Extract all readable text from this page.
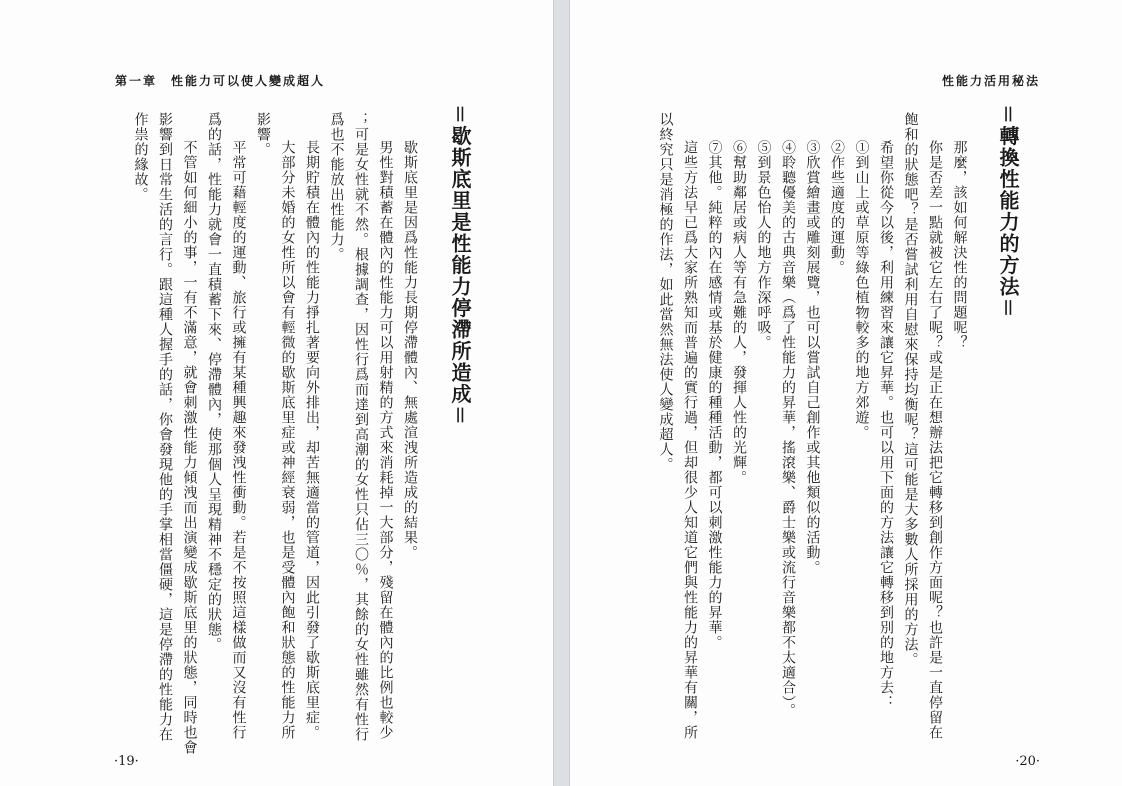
第一章　性能力可以使人變成超人
＝歇斯底里是性能力停滯所造成＝
歇斯底里是因爲性能力長期停滯體內、無處渲洩所造成的結果。
男性對積蓄在體內的性能力可以用射精的方式來消耗掉一大部分，殘留在體內的比例也較少
；可是女性就不然。根據調查，因性行爲而達到高潮的女性只佔三〇％，其餘的女性雖然有性行
爲也不能放出性能力。
長期貯積在體內的性能力掙扎著要向外排出，却苦無適當的管道，因此引發了歇斯底里症。
大部分未婚的女性所以會有輕微的歇斯底里症或神經衰弱，也是受體內飽和狀態的性能力所
影響。
平常可藉輕度的運動、旅行或擁有某種興趣來發洩性衝動。若是不按照這樣做而又沒有性行
爲的話，性能力就會一直積蓄下來、停滯體內，使那個人呈現精神不穩定的狀態。
不管如何細小的事，一有不滿意，就會刺激性能力傾洩而出演變成歇斯底里的狀態，同時也會
影響到日常生活的言行。跟這種人握手的話，你會發現他的手掌相當僵硬，這是停滯的性能力在
作祟的緣故。
·19·
性能力活用秘法
＝轉換性能力的方法＝
那麼，該如何解決性的問題呢？
你是否差一點就被它左右了呢？或是正在想辦法把它轉移到創作方面呢？也許是一直停留在
飽和的狀態吧？是否嘗試利用自慰來保持均衡呢？這可能是大多數人所採用的方法。
希望你從今以後，利用練習來讓它昇華。也可以用下面的方法讓它轉移到別的地方去：
①到山上或草原等綠色植物較多的地方郊遊。
②作些適度的運動。
③欣賞繪畫或雕刻展覽，也可以嘗試自己創作或其他類似的活動。
④聆聽優美的古典音樂（爲了性能力的昇華，搖滾樂、爵士樂或流行音樂都不太適合）。
⑤到景色怡人的地方作深呼吸。
⑥幫助鄰居或病人等有急難的人，發揮人性的光輝。
⑦其他。純粹的內在感情或基於健康的種種活動，都可以刺激性能力的昇華。
這些方法早已爲大家所熟知而普遍的實行過，但却很少人知道它們與性能力的昇華有關，所
以終究只是消極的作法，如此當然無法使人變成超人。
·20·
